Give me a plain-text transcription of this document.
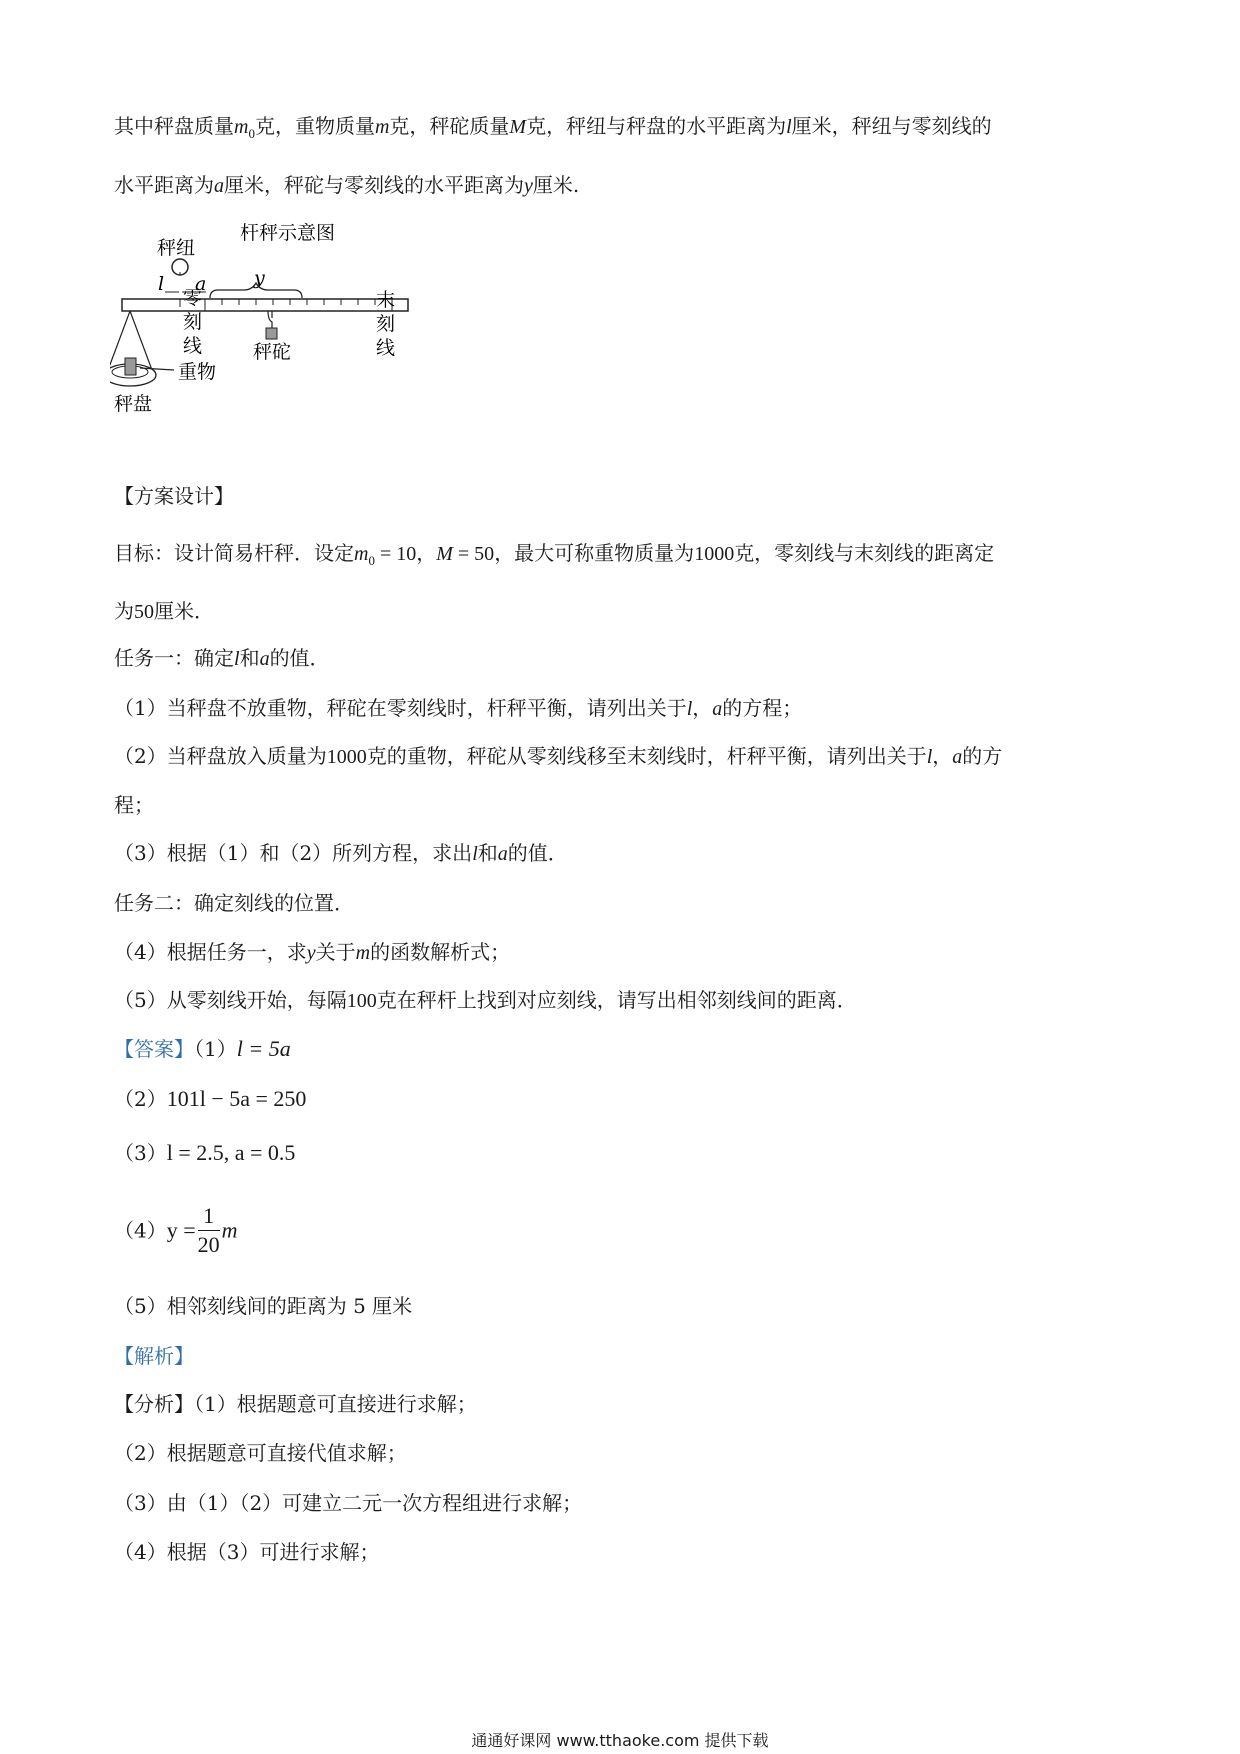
其中秤盘质量$m_0$克，重物质量m克，秤砣质量M克，秤纽与秤盘的水平距离为l厘米，秤纽与零刻线的
水平距离为a厘米，秤砣与零刻线的水平距离为y厘米.
杆秤示意图
秤纽
l a	y
重物
秤盘
零
刻
线	秤砣
末
刻
线
【方案设计】
目标：设计简易杆秤．设定$m_0 = 10$，M = 50，最大可称重物质量为1000克，零刻线与末刻线的距离定
为50厘米．
任务一：确定l和a的值．
（1）当秤盘不放重物，秤砣在零刻线时，杆秤平衡，请列出关于l，a的方程；
（2）当秤盘放入质量为1000克的重物，秤砣从零刻线移至末刻线时，杆秤平衡，请列出关于l，a的方
程；
（3）根据（1）和（2）所列方程，求出l和a的值．
任务二：确定刻线的位置．
（4）根据任务一，求y关于m的函数解析式；
（5）从零刻线开始，每隔100克在秤杆上找到对应刻线，请写出相邻刻线间的距离．
【答案】（1）l = 5a
（2）101l − 5a = 250
（3）l = 2.5, a = 0.5
$(4)y = \frac{1}{20}$ m
（5）相邻刻线间的距离为 5 厘米
【解析】
【分析】（1）根据题意可直接进行求解；
（2）根据题意可直接代值求解；
（3）由（1）（2）可建立二元一次方程组进行求解；
（4）根据（3）可进行求解；
通通好课网 www.tthaoke.com 提供下载
